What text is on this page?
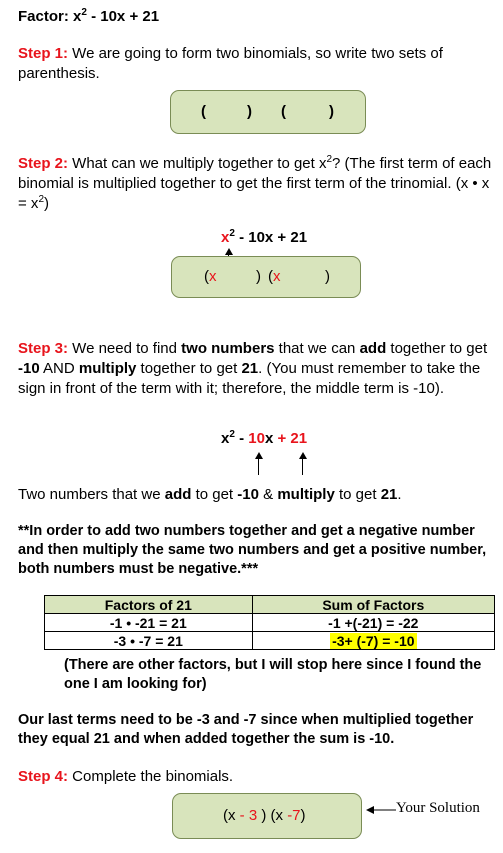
Factor: $x^2 - 10x + 21$
Step 1: We are going to form two binomials, so write two sets of parenthesis.
(	) (	)
Step 2: What can we multiply together to get $x^2$? (The first term of each binomial is multiplied together to get the first term of the trinomial. (x • $x = x^2$)
$x^2 - 10x + 21$
(x	) (x	)
Step 3: We need to find two numbers that we can add together to get -10 AND multiply together to get 21. (You must remember to take the sign in front of the term with it; therefore, the middle term is -10).
$x^2 - 10x + 21$
Two numbers that we add to get -10 & multiply to get 21.
**In order to add two numbers together and get a negative number and then multiply the same two numbers and get a positive number, both numbers must be negative.***
Factors of 21	Sum of Factors
-1 • -21 = 21	-1 +(-21) = -22
-3 • -7 = 21	-3+ (-7) = -10
(There are other factors, but I will stop here since I found the one I am looking for)
Our last terms need to be -3 and -7 since when multiplied together they equal 21 and when added together the sum is -10.
Step 4: Complete the binomials.
(x - 3 ) (x -7)	Your Solution
